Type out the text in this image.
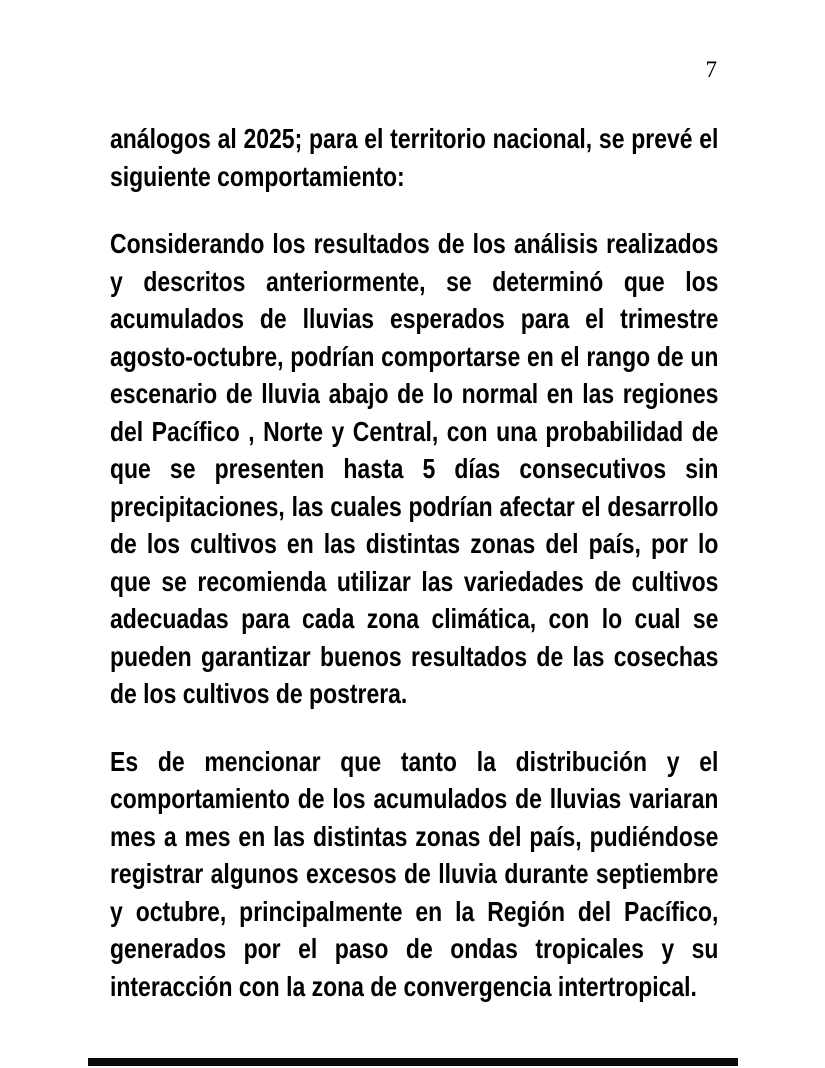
7

análogos al 2025; para el territorio nacional, se prevé el siguiente comportamiento:

Considerando los resultados de los análisis realizados y descritos anteriormente, se determinó que los acumulados de lluvias esperados para el trimestre agosto-octubre, podrían comportarse en el rango de un escenario de lluvia abajo de lo normal en las regiones del Pacífico , Norte y Central, con una probabilidad de que se presenten hasta 5 días consecutivos sin precipitaciones, las cuales podrían afectar el desarrollo de los cultivos en las distintas zonas del país, por lo que se recomienda utilizar las variedades de cultivos adecuadas para cada zona climática, con lo cual se pueden garantizar buenos resultados de las cosechas de los cultivos de postrera.

Es de mencionar que tanto la distribución y el comportamiento de los acumulados de lluvias variaran mes a mes en las distintas zonas del país, pudiéndose registrar algunos excesos de lluvia durante septiembre y octubre, principalmente en la Región del Pacífico, generados por el paso de ondas tropicales y su interacción con la zona de convergencia intertropical.
